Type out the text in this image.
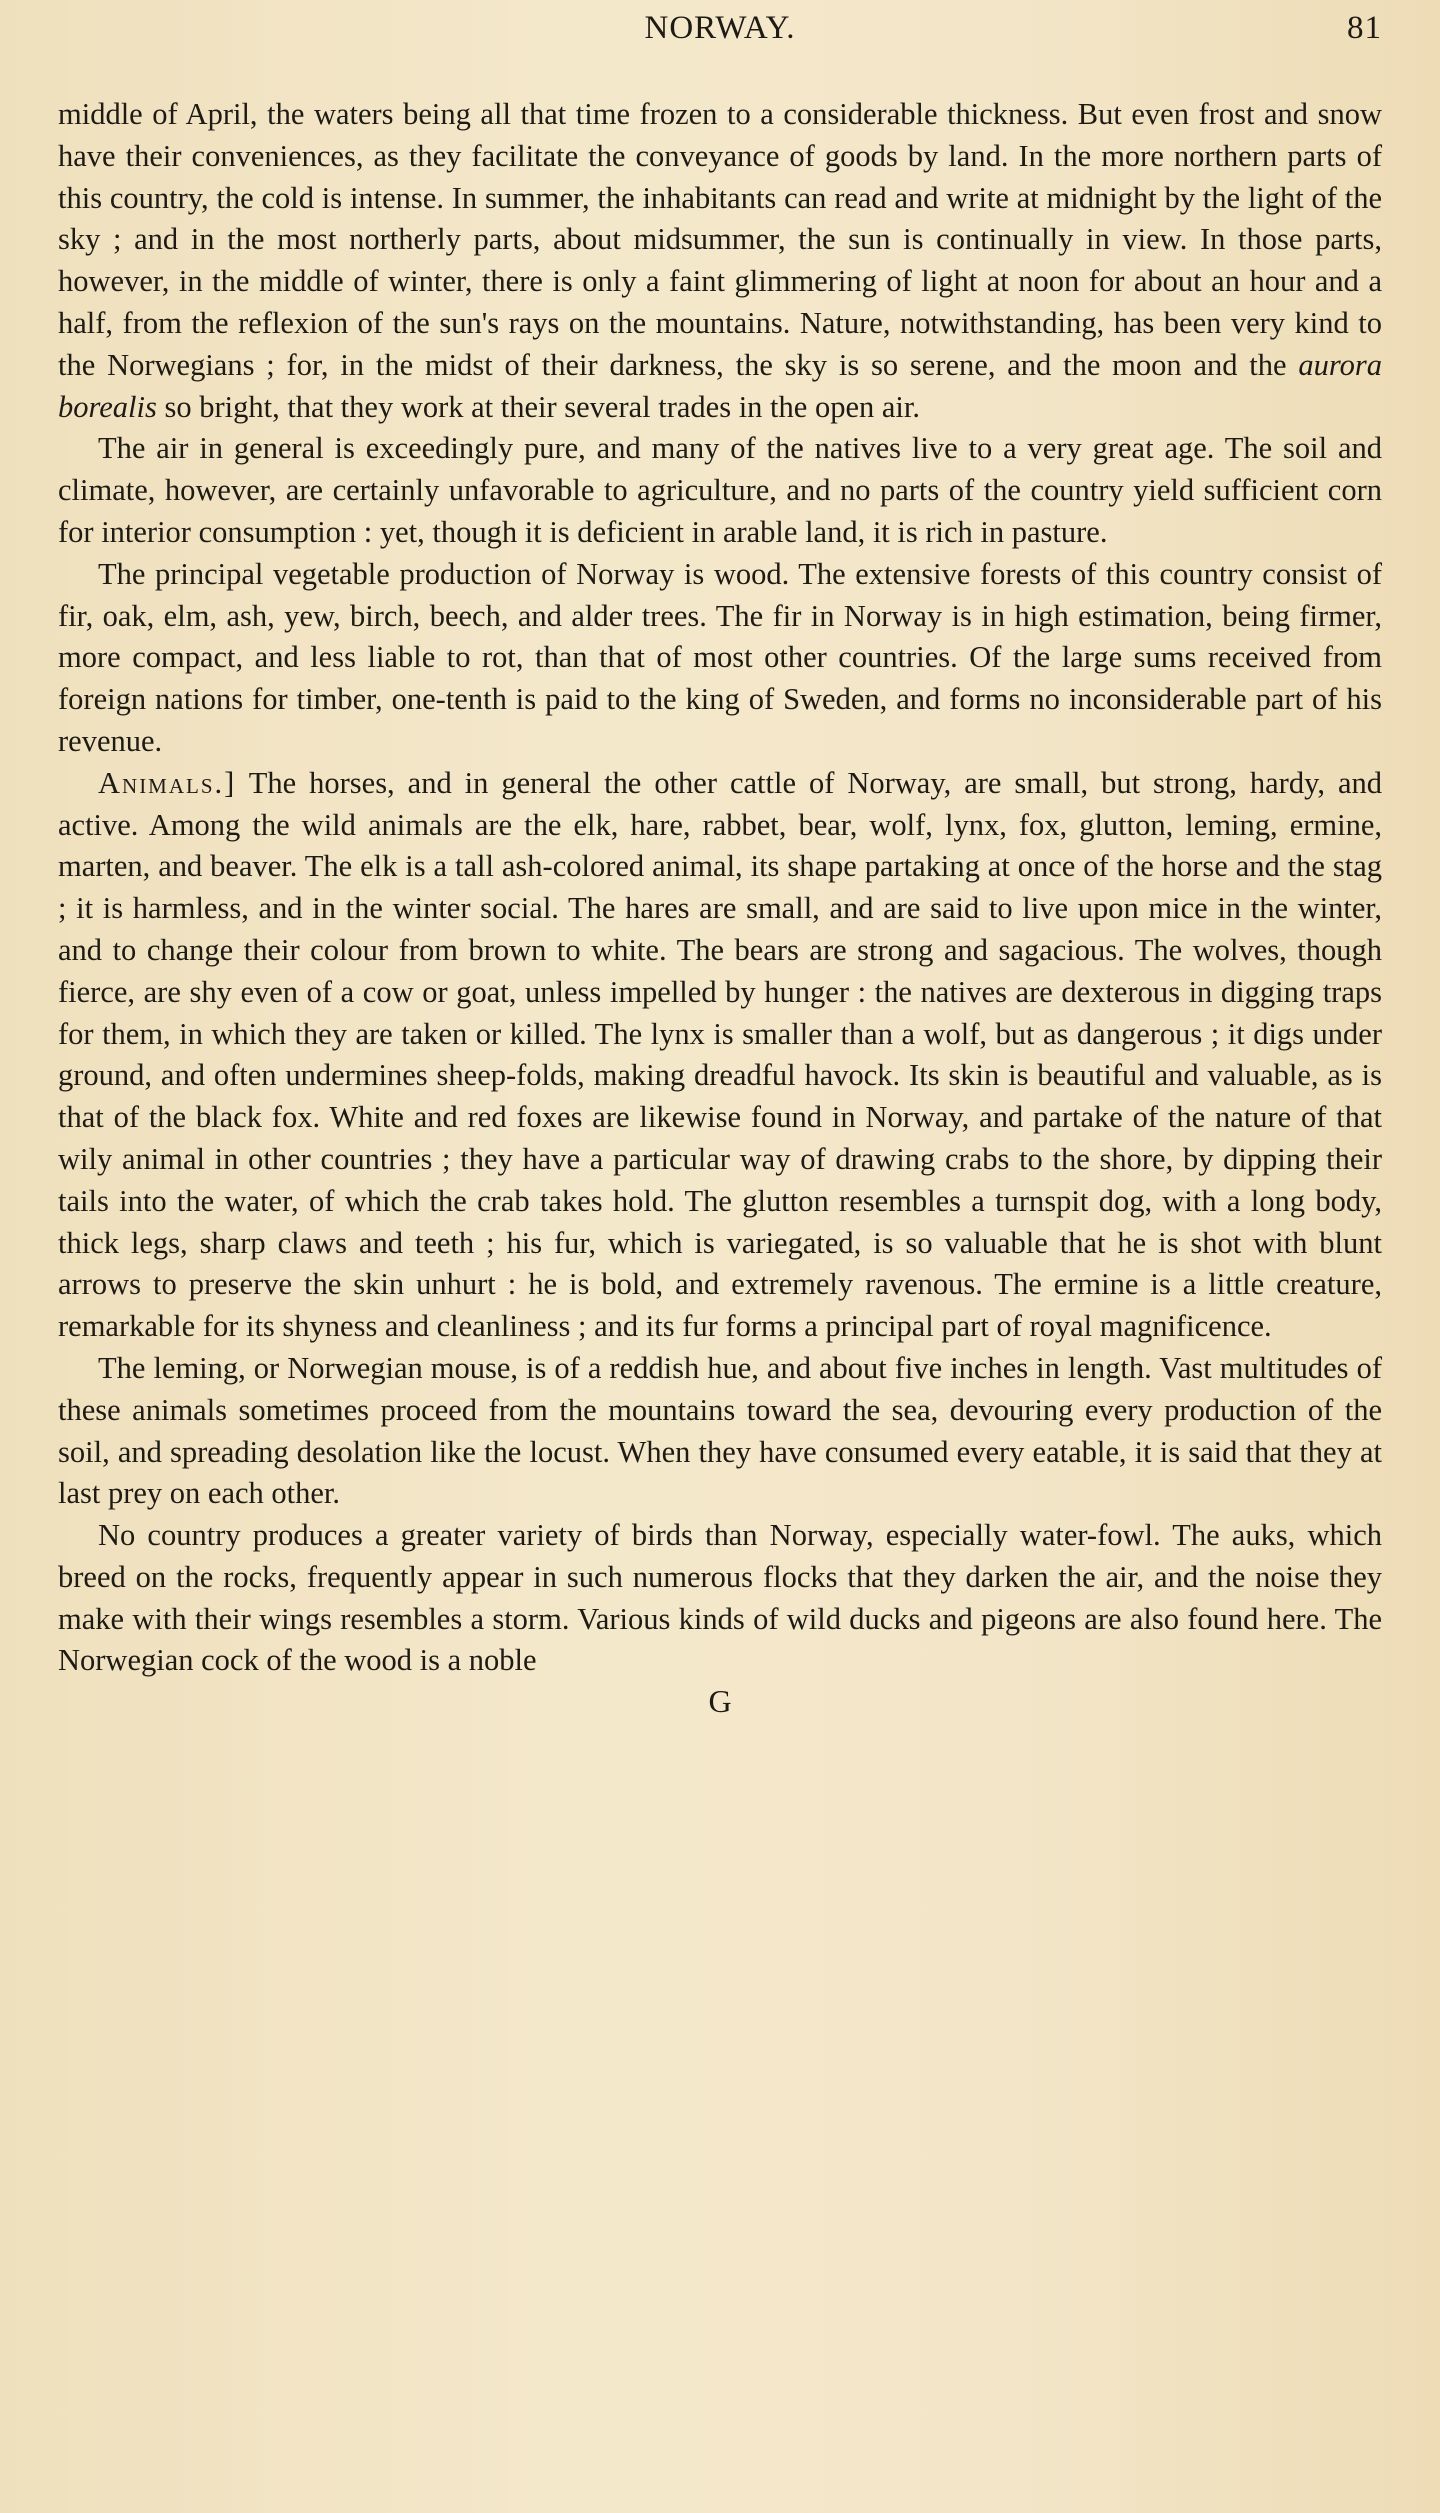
NORWAY.	81

middle of April, the waters being all that time frozen to a considerable thickness. But even frost and snow have their conveniences, as they facilitate the conveyance of goods by land. In the more northern parts of this country, the cold is intense. In summer, the inhabitants can read and write at midnight by the light of the sky ; and in the most northerly parts, about midsummer, the sun is continually in view. In those parts, however, in the middle of winter, there is only a faint glimmering of light at noon for about an hour and a half, from the reflexion of the sun's rays on the mountains. Nature, notwithstanding, has been very kind to the Norwegians ; for, in the midst of their darkness, the sky is so serene, and the moon and the aurora borealis so bright, that they work at their several trades in the open air.

The air in general is exceedingly pure, and many of the natives live to a very great age. The soil and climate, however, are certainly unfavorable to agriculture, and no parts of the country yield sufficient corn for interior consumption : yet, though it is deficient in arable land, it is rich in pasture.

The principal vegetable production of Norway is wood. The extensive forests of this country consist of fir, oak, elm, ash, yew, birch, beech, and alder trees. The fir in Norway is in high estimation, being firmer, more compact, and less liable to rot, than that of most other countries. Of the large sums received from foreign nations for timber, one-tenth is paid to the king of Sweden, and forms no inconsiderable part of his revenue.

Animals.] The horses, and in general the other cattle of Norway, are small, but strong, hardy, and active. Among the wild animals are the elk, hare, rabbet, bear, wolf, lynx, fox, glutton, leming, ermine, marten, and beaver. The elk is a tall ash-colored animal, its shape partaking at once of the horse and the stag ; it is harmless, and in the winter social. The hares are small, and are said to live upon mice in the winter, and to change their colour from brown to white. The bears are strong and sagacious. The wolves, though fierce, are shy even of a cow or goat, unless impelled by hunger : the natives are dexterous in digging traps for them, in which they are taken or killed. The lynx is smaller than a wolf, but as dangerous ; it digs under ground, and often undermines sheep-folds, making dreadful havock. Its skin is beautiful and valuable, as is that of the black fox. White and red foxes are likewise found in Norway, and partake of the nature of that wily animal in other countries ; they have a particular way of drawing crabs to the shore, by dipping their tails into the water, of which the crab takes hold. The glutton resembles a turnspit dog, with a long body, thick legs, sharp claws and teeth ; his fur, which is variegated, is so valuable that he is shot with blunt arrows to preserve the skin unhurt : he is bold, and extremely ravenous. The ermine is a little creature, remarkable for its shyness and cleanliness ; and its fur forms a principal part of royal magnificence.

The leming, or Norwegian mouse, is of a reddish hue, and about five inches in length. Vast multitudes of these animals sometimes proceed from the mountains toward the sea, devouring every production of the soil, and spreading desolation like the locust. When they have consumed every eatable, it is said that they at last prey on each other.

No country produces a greater variety of birds than Norway, especially water-fowl. The auks, which breed on the rocks, frequently appear in such numerous flocks that they darken the air, and the noise they make with their wings resembles a storm. Various kinds of wild ducks and pigeons are also found here. The Norwegian cock of the wood is a noble

G
